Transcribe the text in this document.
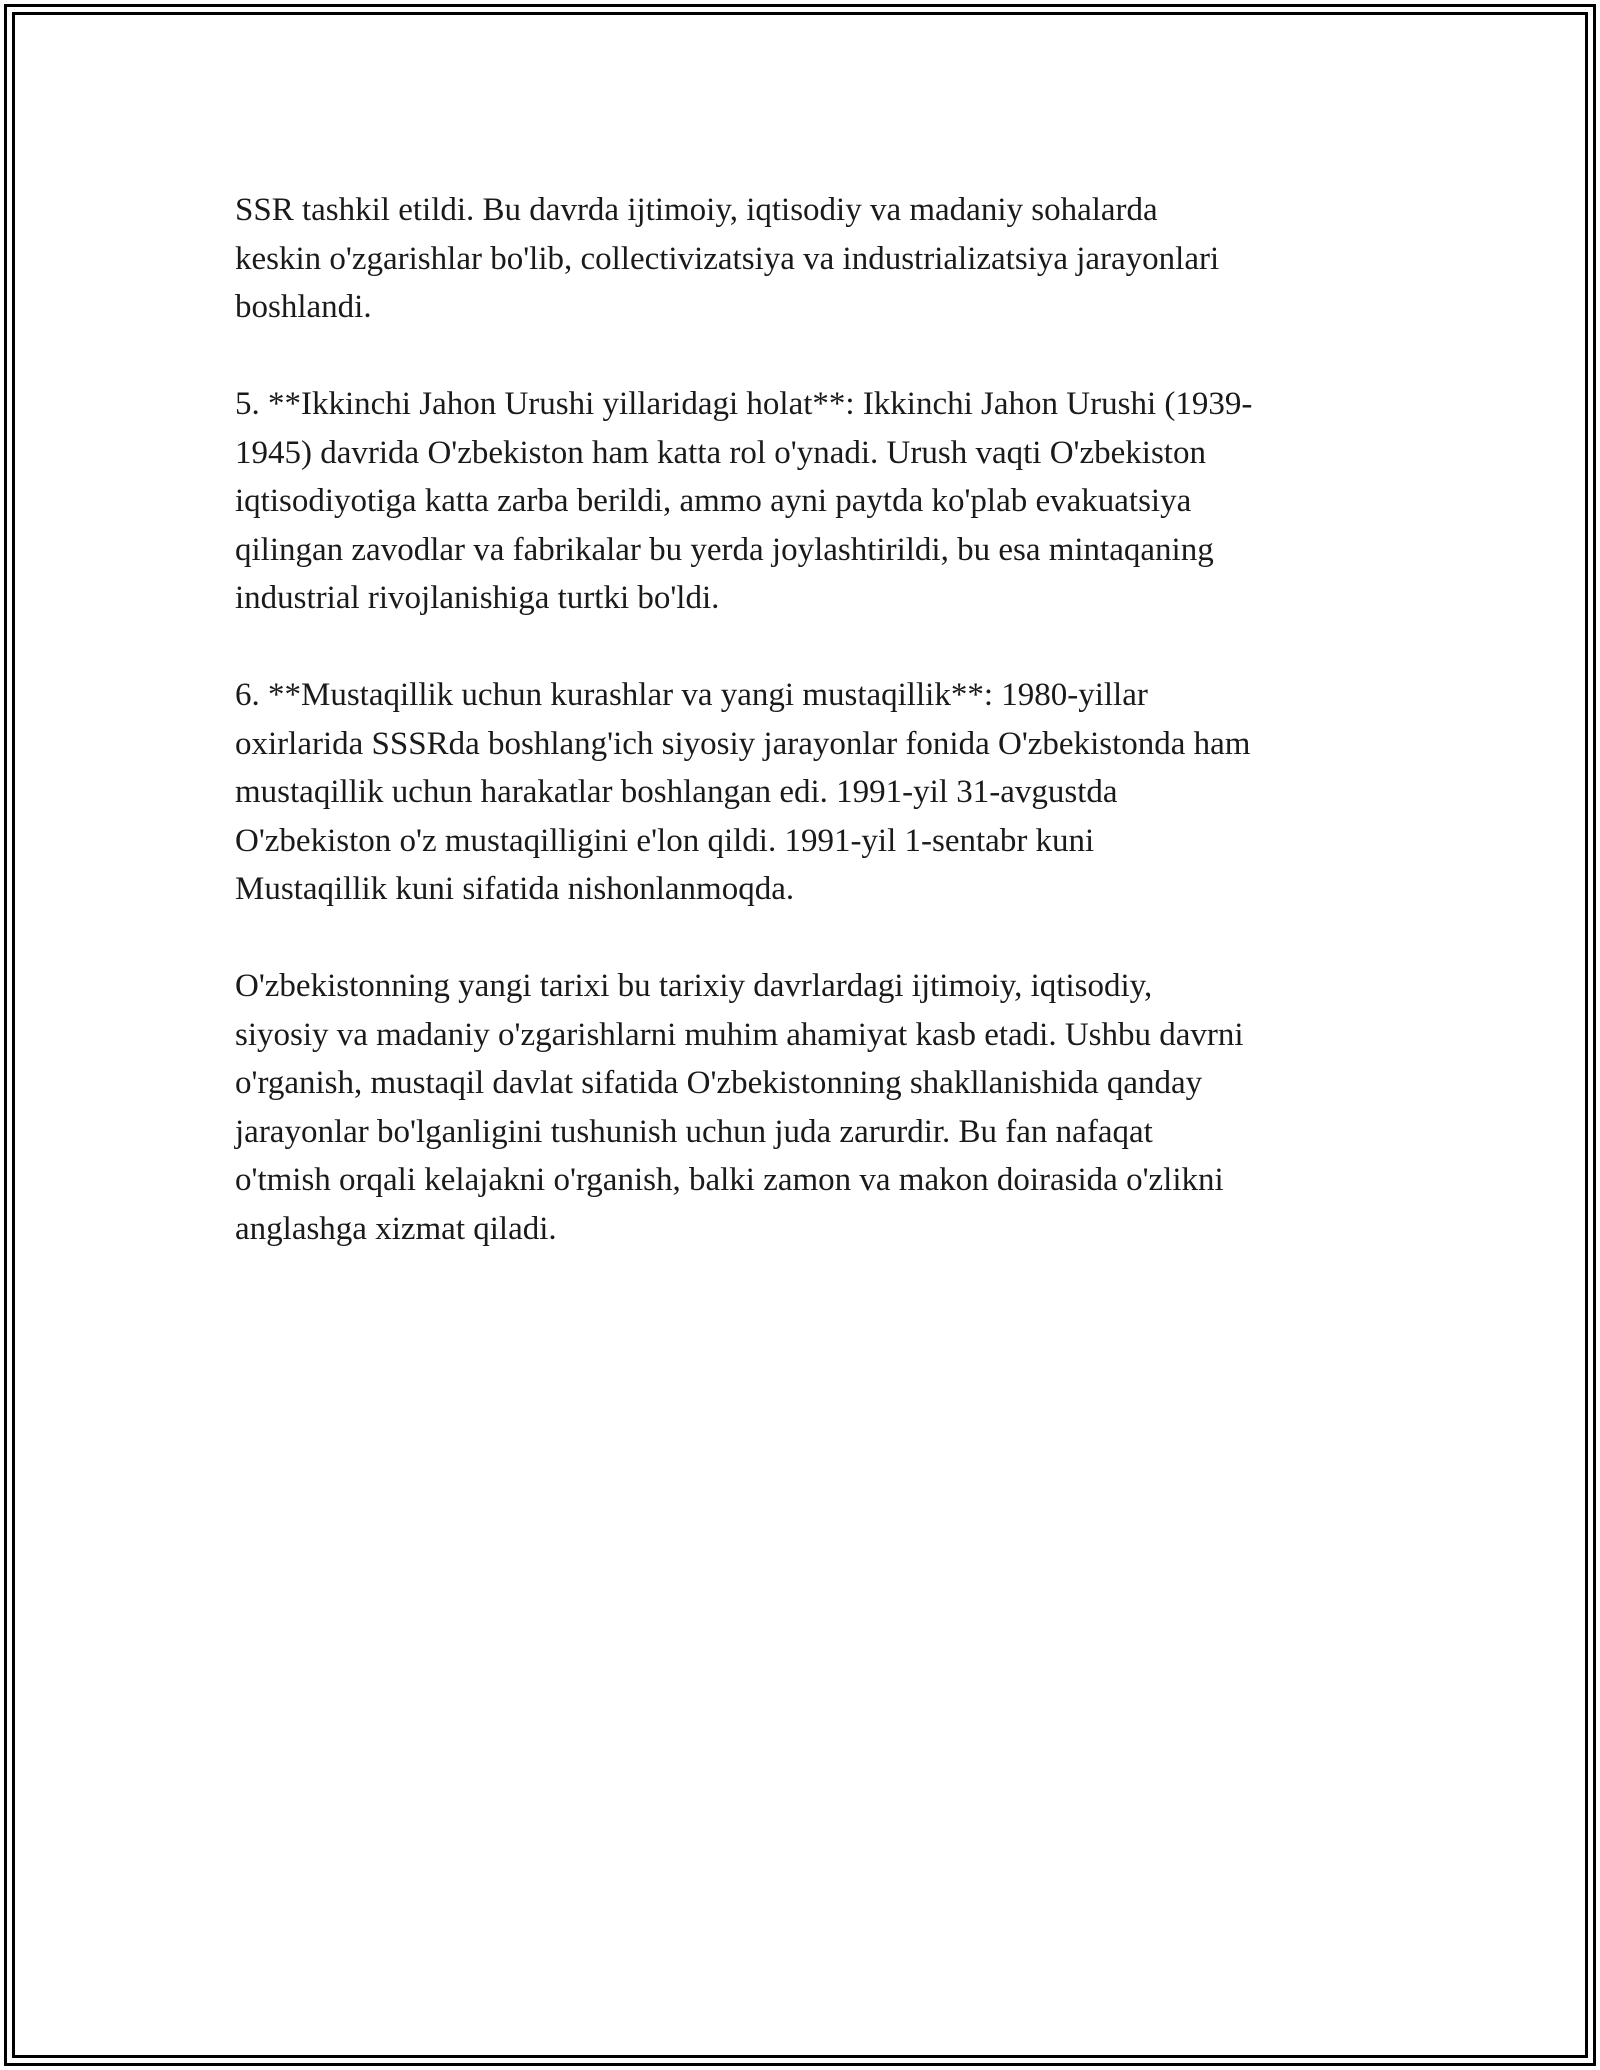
SSR tashkil etildi. Bu davrda ijtimoiy, iqtisodiy va madaniy sohalarda
keskin o'zgarishlar bo'lib, collectivizatsiya va industrializatsiya jarayonlari
boshlandi.

5. **Ikkinchi Jahon Urushi yillaridagi holat**: Ikkinchi Jahon Urushi (1939-
1945) davrida O'zbekiston ham katta rol o'ynadi. Urush vaqti O'zbekiston
iqtisodiyotiga katta zarba berildi, ammo ayni paytda ko'plab evakuatsiya
qilingan zavodlar va fabrikalar bu yerda joylashtirildi, bu esa mintaqaning
industrial rivojlanishiga turtki bo'ldi.

6. **Mustaqillik uchun kurashlar va yangi mustaqillik**: 1980-yillar
oxirlarida SSSRda boshlang'ich siyosiy jarayonlar fonida O'zbekistonda ham
mustaqillik uchun harakatlar boshlangan edi. 1991-yil 31-avgustda
O'zbekiston o'z mustaqilligini e'lon qildi. 1991-yil 1-sentabr kuni
Mustaqillik kuni sifatida nishonlanmoqda.

O'zbekistonning yangi tarixi bu tarixiy davrlardagi ijtimoiy, iqtisodiy,
siyosiy va madaniy o'zgarishlarni muhim ahamiyat kasb etadi. Ushbu davrni
o'rganish, mustaqil davlat sifatida O'zbekistonning shakllanishida qanday
jarayonlar bo'lganligini tushunish uchun juda zarurdir. Bu fan nafaqat
o'tmish orqali kelajakni o'rganish, balki zamon va makon doirasida o'zlikni
anglashga xizmat qiladi.
